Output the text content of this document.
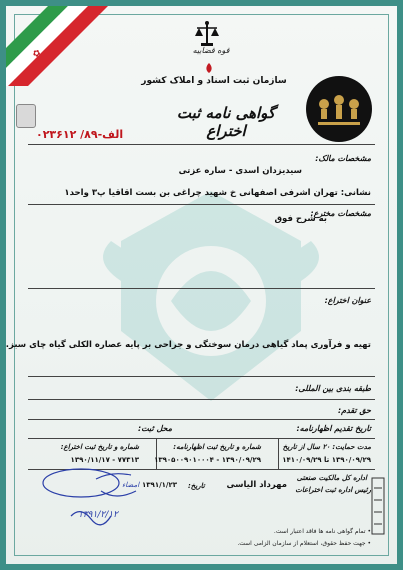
✿	قوه قضاییه
سازمان ثبت اسناد و املاک کشور
گواهی نامه ثبت اختراع
الف-۸۹/ ۰۲۳۶۱۲
مشخصات مالک:
سیدیزدان اسدی - ساره عزتی
نشانی: تهران اشرفی اصفهانی خ شهید چراغی بن بست اقاقیا پ۳ واحد۱
مشخصات مخترع:
به شرح فوق
عنوان اختراع:
تهیه و فرآوری پماد گیاهی درمان سوختگی و جراحی بر پایه عصاره الکلی گیاه چای سبز.
طبقه بندی بین المللی:
حق تقدم:
تاریخ تقدیم اظهارنامه:
محل ثبت:
مدت حمایت: ۲۰ سال از تاریخ
۱۳۹۰/۰۹/۲۹ تا ۱۴۱۰/۰۹/۲۹
شماره و تاریخ ثبت اظهارنامه:
۱۳۹۰/۰۹/۲۹ - ۱۳۹۰۵۰۰۹۰۱۰۰۰۴
شماره و تاریخ ثبت اختراع:
۷۷۳۱۳ - ۱۳۹۰/۱۱/۱۷
اداره کل مالکیت صنعتی
رئیس اداره ثبت اختراعات
مهرداد الیاسی
تاریخ:
۱۳۹۱/۱/۲۳
امضاء
۱۳۹۱/۲/۱۲
• تمام گواهی نامه ها فاقد اعتبار است.
• جهت حفظ حقوق، استعلام از سازمان الزامی است.
